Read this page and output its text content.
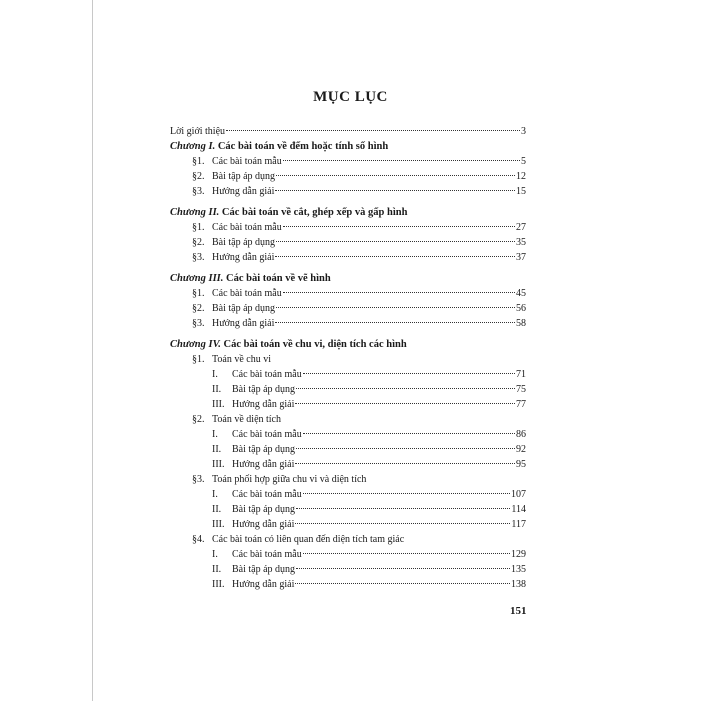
MỤC LỤC
Lời giới thiệu	3
Chương I. Các bài toán về đếm hoặc tính số hình
§1. Các bài toán mẫu	5
§2. Bài tập áp dụng	12
§3. Hướng dẫn giải	15
Chương II. Các bài toán về cắt, ghép xếp và gấp hình
§1. Các bài toán mẫu	27
§2. Bài tập áp dụng	35
§3. Hướng dẫn giải	37
Chương III. Các bài toán về vẽ hình
§1. Các bài toán mẫu	45
§2. Bài tập áp dụng	56
§3. Hướng dẫn giải	58
Chương IV. Các bài toán về chu vi, diện tích các hình
§1. Toán về chu vi
I. Các bài toán mẫu	71
II. Bài tập áp dụng	75
III. Hướng dẫn giải	77
§2. Toán về diện tích
I. Các bài toán mẫu	86
II. Bài tập áp dụng	92
III. Hướng dẫn giải	95
§3. Toán phối hợp giữa chu vi và diện tích
I. Các bài toán mẫu	107
II. Bài tập áp dụng	114
III. Hướng dẫn giải	117
§4. Các bài toán có liên quan đến diện tích tam giác
I. Các bài toán mẫu	129
II. Bài tập áp dụng	135
III. Hướng dẫn giải	138
151
